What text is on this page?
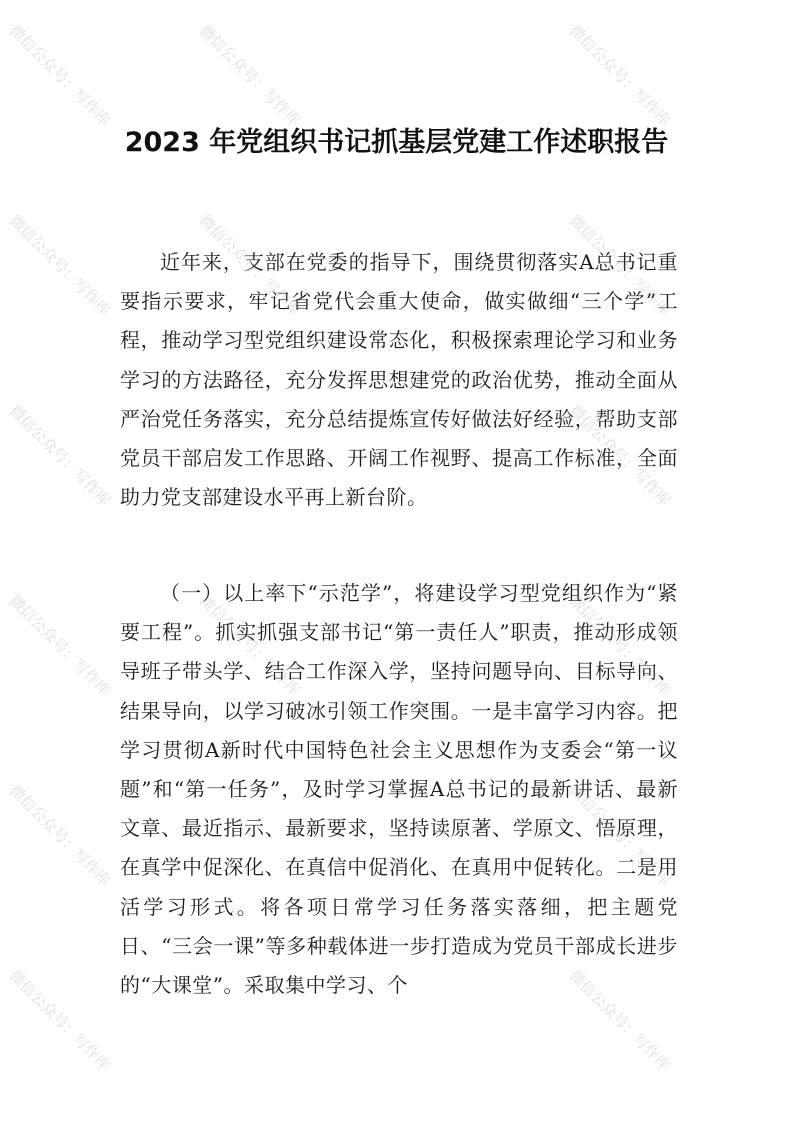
2023 年党组织书记抓基层党建工作述职报告

近年来，支部在党委的指导下，围绕贯彻落实A总书记重要指示要求，牢记省党代会重大使命，做实做细“三个学”工程，推动学习型党组织建设常态化，积极探索理论学习和业务学习的方法路径，充分发挥思想建党的政治优势，推动全面从严治党任务落实，充分总结提炼宣传好做法好经验，帮助支部党员干部启发工作思路、开阔工作视野、提高工作标准，全面助力党支部建设水平再上新台阶。

（一）以上率下“示范学”，将建设学习型党组织作为“紧要工程”。抓实抓强支部书记“第一责任人”职责，推动形成领导班子带头学、结合工作深入学，坚持问题导向、目标导向、结果导向，以学习破冰引领工作突围。一是丰富学习内容。把学习贯彻A新时代中国特色社会主义思想作为支委会“第一议题”和“第一任务”，及时学习掌握A总书记的最新讲话、最新文章、最近指示、最新要求，坚持读原著、学原文、悟原理，在真学中促深化、在真信中促消化、在真用中促转化。二是用活学习形式。将各项日常学习任务落实落细，把主题党日、“三会一课”等多种载体进一步打造成为党员干部成长进步的“大课堂”。采取集中学习、个

微信公众号：写作库	微信公众号：写作库	微信公众号：写作库
微信公众号：写作库	微信公众号：写作库	微信公众号：写作库
微信公众号：写作库	微信公众号：写作库
微信公众号：写作库	微信公众号：写作库	微信公众号：写作库
微信公众号：写作库	微信公众号：写作库
微信公众号：写作库	微信公众号：写作库
